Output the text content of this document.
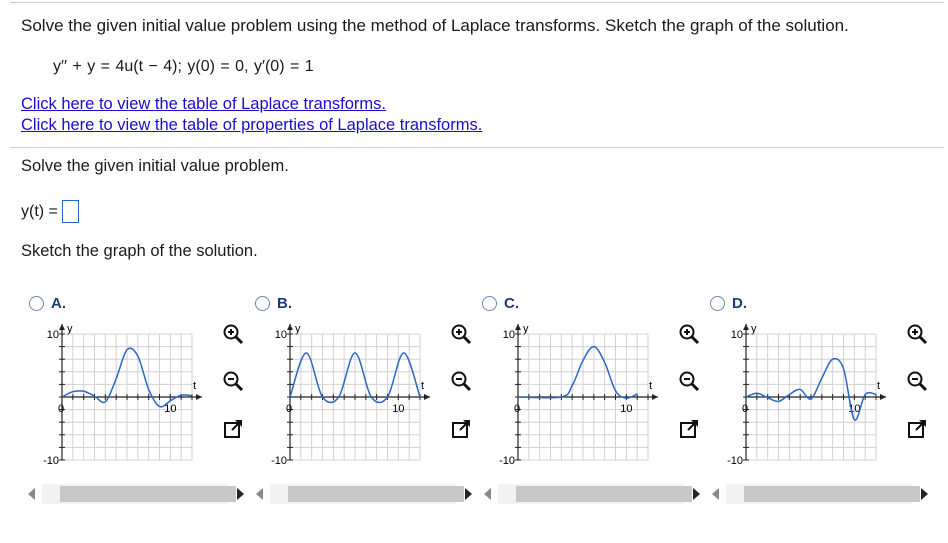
Solve the given initial value problem using the method of Laplace transforms. Sketch the graph of the solution.
y′′ + y = 4u(t − 4); y(0) = 0, y′(0) = 1
Click here to view the table of Laplace transforms.
Click here to view the table of properties of Laplace transforms.
Solve the given initial value problem.
y(t) =
Sketch the graph of the solution.
A.	B.	C.	D.
y
10
-10
0	10
t
y
10
-10
0	10
t
y
10
-10
0	10
t
y
10
-10
0	10
t
